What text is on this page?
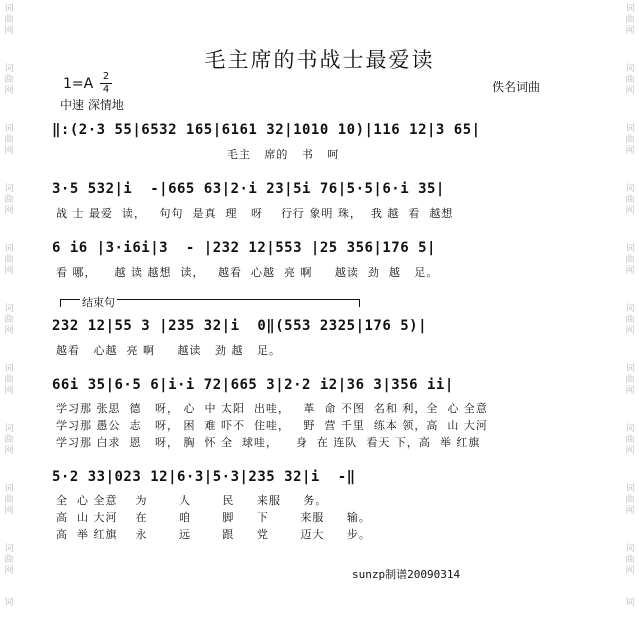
词
曲
网
词
曲
网
词
曲
网
词
曲
网
词
曲
网
词
曲
网
词
曲
网
词
曲
网
词
曲
网
词
曲
网
词
词
曲
网
词
曲
网
词
曲
网
词
曲
网
词
曲
网
词
曲
网
词
曲
网
词
曲
网
词
曲
网
词
曲
网
词
毛主席的书战士最爱读
1=A 2
4
中速 深情地
佚名词曲
‖:(2·3 55|6532 165|6161 32|1010 10)|116 12|3 65|
毛主   席的   书   呵
3·5 532|i  -|665 63|2·i 23|5i 76|5·5|6·i 35|
战 士 最爱  读，   句句  是真  理   呀    行行 象明 珠，  我 越  看  越想
6 i6 |3·i6i|3  - |232 12|553 |25 356|176 5|
看 哪，    越 读 越想  读，   越看  心越  亮 啊     越读  劲  越   足。
结束句
232 12|55 3 |235 32|i  0‖(553 2325|176 5)|
越看   心越  亮 啊     越读   劲 越   足。
66i 35|6·5 6|i·i 72|665 3|2·2 i2|36 3|356 ii|
学习那 张思  德   呀， 心  中 太阳  出哇，   革  命 不图  名和 利，全  心 全意
学习那 愚公  志   呀， 困  难 吓不  住哇，   野  营 千里  练本 领，高  山 大河
学习那 白求  恩   呀， 胸  怀 全  球哇，    身  在 连队  看天 下，高  举 红旗
5·2 33|023 12|6·3|5·3|235 32|i  -‖
全  心 全意    为       人       民     来服     务。
高  山 大河    在       咱       脚     下       来服     输。
高  举 红旗    永       远       跟     党       迈大     步。
sunzp制谱20090314
